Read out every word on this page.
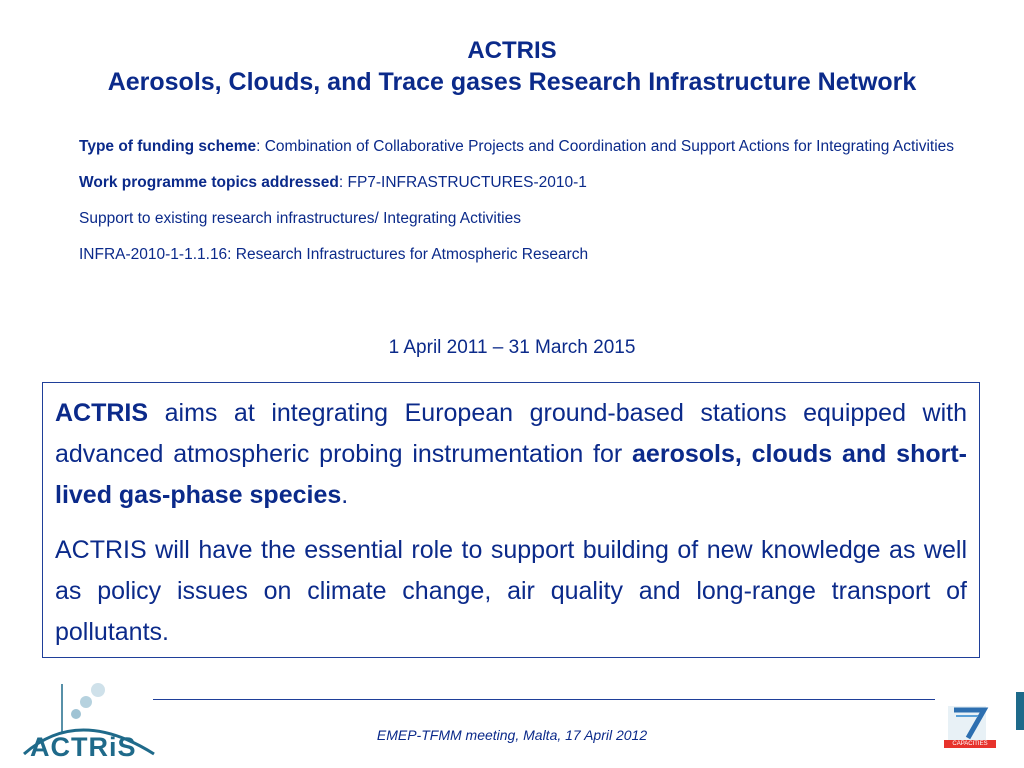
ACTRIS
Aerosols, Clouds, and Trace gases Research Infrastructure Network

Type of funding scheme: Combination of Collaborative Projects and Coordination and Support Actions for Integrating Activities

Work programme topics addressed: FP7-INFRASTRUCTURES-2010-1

Support to existing research infrastructures/ Integrating Activities

INFRA-2010-1-1.1.16: Research Infrastructures for Atmospheric Research

1 April 2011 – 31 March 2015

ACTRIS aims at integrating European ground-based stations equipped with advanced atmospheric probing instrumentation for aerosols, clouds and short-lived gas-phase species.

ACTRIS will have the essential role to support building of new knowledge as well as policy issues on climate change, air quality and long-range transport of pollutants.

EMEP-TFMM meeting, Malta, 17 April 2012
ACTRiS	CAPACITIES
